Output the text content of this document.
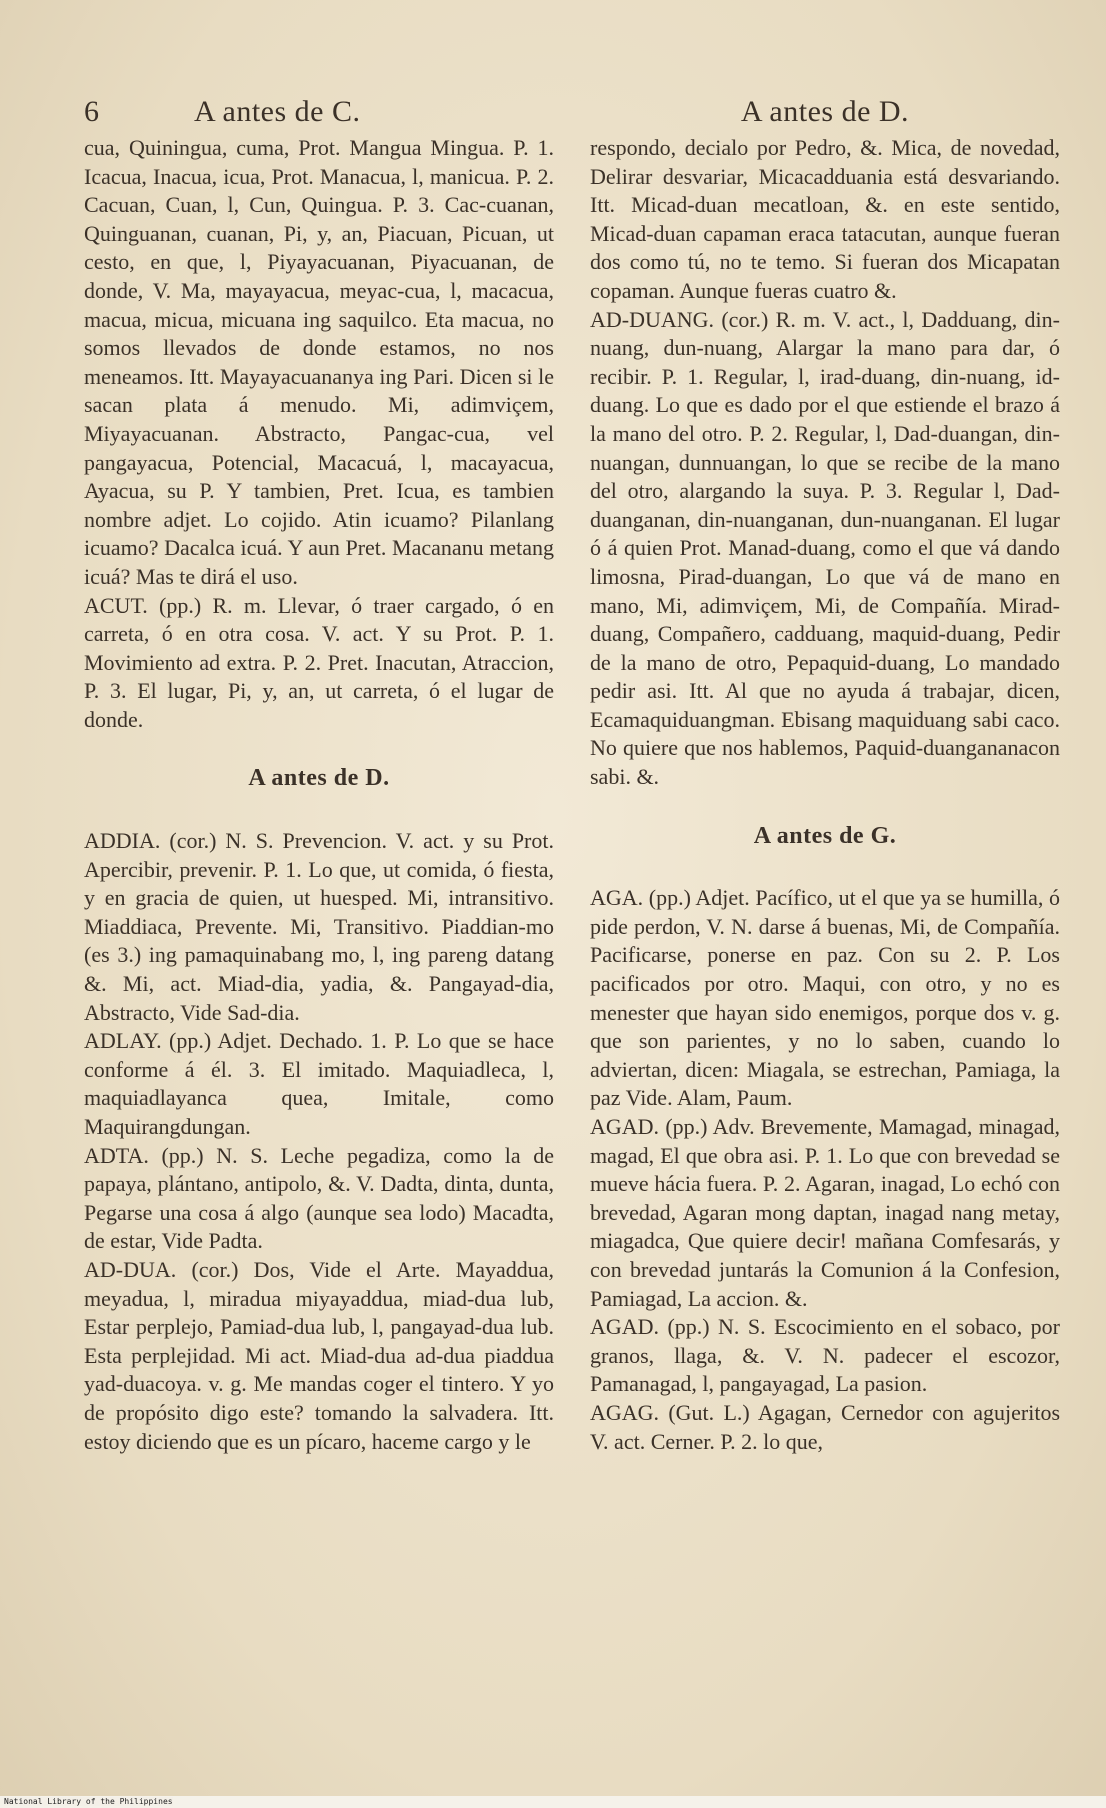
6	A antes de C.

cua, Quiningua, cuma, Prot. Mangua Mingua. P. 1. Icacua, Inacua, icua, Prot. Manacua, l, manicua. P. 2. Cacuan, Cuan, l, Cun, Quingua. P. 3. Cac-cuanan, Quinguanan, cuanan, Pi, y, an, Piacuan, Picuan, ut cesto, en que, l, Piyayacuanan, Piyacuanan, de donde, V. Ma, mayayacua, meyac-cua, l, macacua, macua, micua, micuana ing saquilco. Eta macua, no somos llevados de donde estamos, no nos meneamos. Itt. Mayayacuananya ing Pari. Dicen si le sacan plata á menudo. Mi, adimviçem, Miyayacuanan. Abstracto, Pangac-cua, vel pangayacua, Potencial, Macacuá, l, macayacua, Ayacua, su P. Y tambien, Pret. Icua, es tambien nombre adjet. Lo cojido. Atin icuamo? Pilanlang icuamo? Dacalca icuá. Y aun Pret. Macananu metang icuá? Mas te dirá el uso.

ACUT. (pp.) R. m. Llevar, ó traer cargado, ó en carreta, ó en otra cosa. V. act. Y su Prot. P. 1. Movimiento ad extra. P. 2. Pret. Inacutan, Atraccion, P. 3. El lugar, Pi, y, an, ut carreta, ó el lugar de donde.

A antes de D.

ADDIA. (cor.) N. S. Prevencion. V. act. y su Prot. Apercibir, prevenir. P. 1. Lo que, ut comida, ó fiesta, y en gracia de quien, ut huesped. Mi, intransitivo. Miaddiaca, Prevente. Mi, Transitivo. Piaddian-mo (es 3.) ing pamaquinabang mo, l, ing pareng datang &. Mi, act. Miad-dia, yadia, &. Pangayad-dia, Abstracto, Vide Sad-dia.

ADLAY. (pp.) Adjet. Dechado. 1. P. Lo que se hace conforme á él. 3. El imitado. Maquiadleca, l, maquiadlayanca quea, Imitale, como Maquirangdungan.

ADTA. (pp.) N. S. Leche pegadiza, como la de papaya, plántano, antipolo, &. V. Dadta, dinta, dunta, Pegarse una cosa á algo (aunque sea lodo) Macadta, de estar, Vide Padta.

AD-DUA. (cor.) Dos, Vide el Arte. Mayaddua, meyadua, l, miradua miyayaddua, miad-dua lub, Estar perplejo, Pamiad-dua lub, l, pangayad-dua lub. Esta perplejidad. Mi act. Miad-dua ad-dua piaddua yad-duacoya. v. g. Me mandas coger el tintero. Y yo de propósito digo este? tomando la salvadera. Itt. estoy diciendo que es un pícaro, haceme cargo y le

A antes de D.

respondo, decialo por Pedro, &. Mica, de novedad, Delirar desvariar, Micacadduania está desvariando. Itt. Micad-duan mecatloan, &. en este sentido, Micad-duan capaman eraca tatacutan, aunque fueran dos como tú, no te temo. Si fueran dos Micapatan copaman. Aunque fueras cuatro &.

AD-DUANG. (cor.) R. m. V. act., l, Dadduang, din-nuang, dun-nuang, Alargar la mano para dar, ó recibir. P. 1. Regular, l, irad-duang, din-nuang, id-duang. Lo que es dado por el que estiende el brazo á la mano del otro. P. 2. Regular, l, Dad-duangan, din-nuangan, dunnuangan, lo que se recibe de la mano del otro, alargando la suya. P. 3. Regular l, Dad-duanganan, din-nuanganan, dun-nuanganan. El lugar ó á quien Prot. Manad-duang, como el que vá dando limosna, Pirad-duangan, Lo que vá de mano en mano, Mi, adimviçem, Mi, de Compañía. Mirad-duang, Compañero, cadduang, maquid-duang, Pedir de la mano de otro, Pepaquid-duang, Lo mandado pedir asi. Itt. Al que no ayuda á trabajar, dicen, Ecamaquiduangman. Ebisang maquiduang sabi caco. No quiere que nos hablemos, Paquid-duangananacon sabi. &.

A antes de G.

AGA. (pp.) Adjet. Pacífico, ut el que ya se humilla, ó pide perdon, V. N. darse á buenas, Mi, de Compañía. Pacificarse, ponerse en paz. Con su 2. P. Los pacificados por otro. Maqui, con otro, y no es menester que hayan sido enemigos, porque dos v. g. que son parientes, y no lo saben, cuando lo adviertan, dicen: Miagala, se estrechan, Pamiaga, la paz Vide. Alam, Paum.

AGAD. (pp.) Adv. Brevemente, Mamagad, minagad, magad, El que obra asi. P. 1. Lo que con brevedad se mueve hácia fuera. P. 2. Agaran, inagad, Lo echó con brevedad, Agaran mong daptan, inagad nang metay, miagadca, Que quiere decir! mañana Comfesarás, y con brevedad juntarás la Comunion á la Confesion, Pamiagad, La accion. &.

AGAD. (pp.) N. S. Escocimiento en el sobaco, por granos, llaga, &. V. N. padecer el escozor, Pamanagad, l, pangayagad, La pasion.

AGAG. (Gut. L.) Agagan, Cernedor con agujeritos V. act. Cerner. P. 2. lo que,

National Library of the Philippines
